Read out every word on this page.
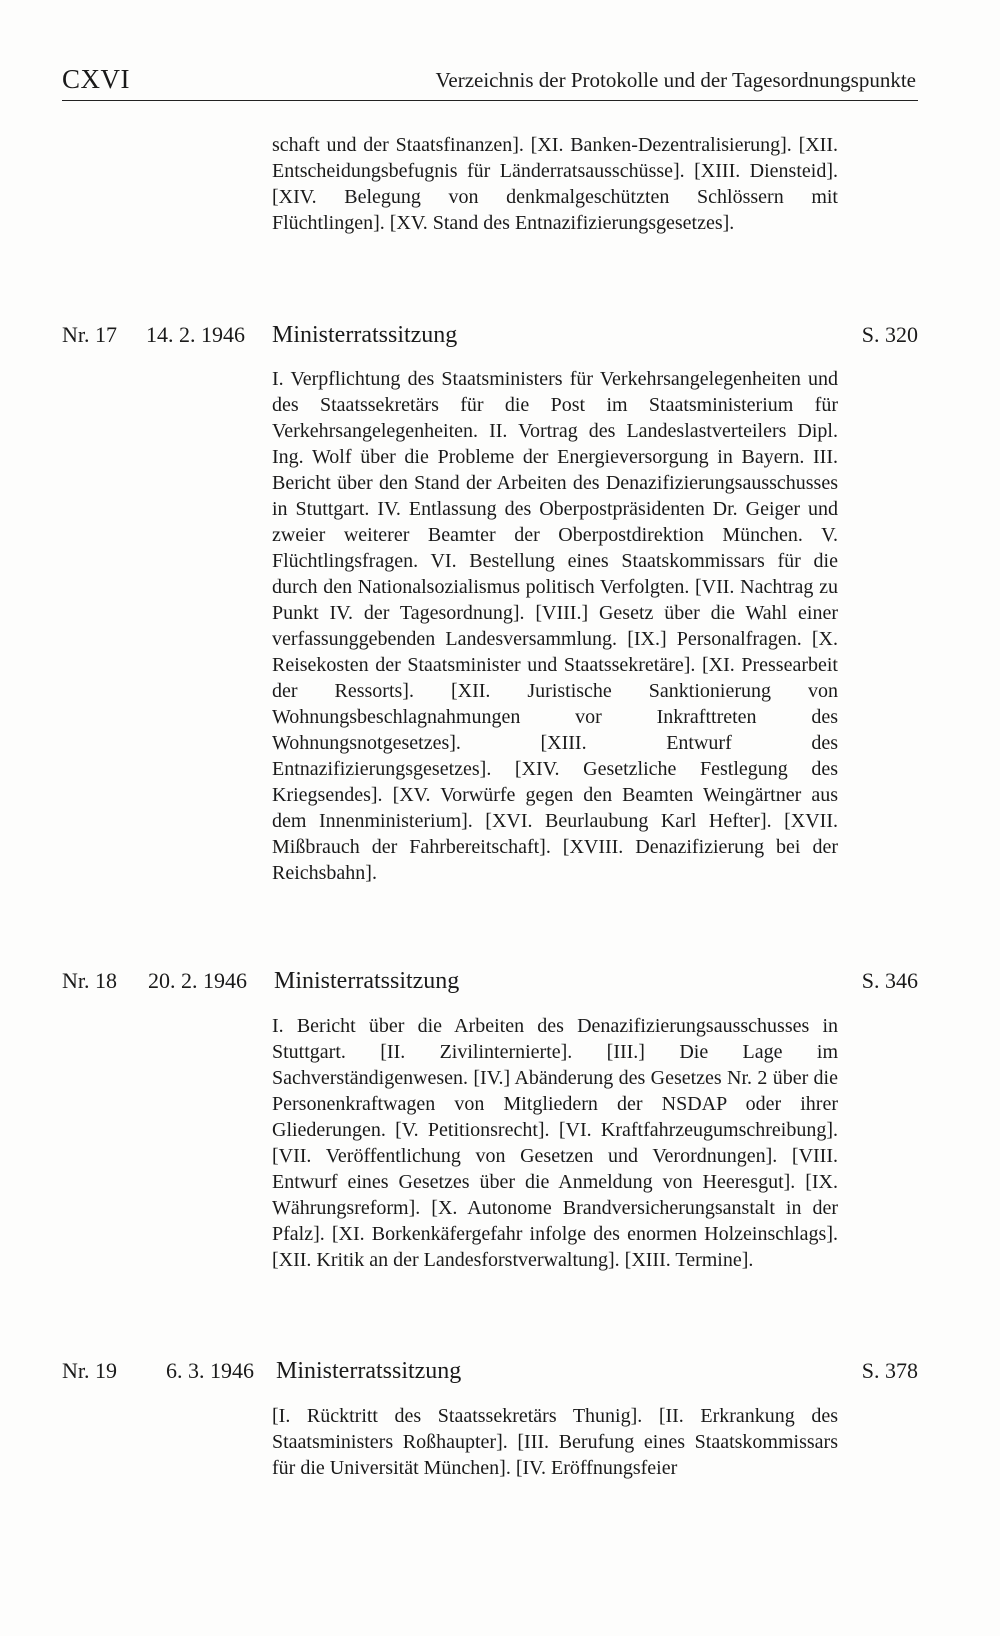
CXVI	Verzeichnis der Protokolle und der Tagesordnungspunkte
schaft und der Staatsfinanzen]. [XI. Banken-Dezentralisierung]. [XII. Entscheidungsbefugnis für Länderratsausschüsse]. [XIII. Diensteid]. [XIV. Belegung von denkmalgeschützten Schlössern mit Flüchtlingen]. [XV. Stand des Entnazifizierungsgesetzes].
Nr. 17 14. 2. 1946 Ministerratssitzung	S. 320
I. Verpflichtung des Staatsministers für Verkehrsangelegenheiten und des Staatssekretärs für die Post im Staatsministerium für Verkehrsangelegenheiten. II. Vortrag des Landeslastverteilers Dipl. Ing. Wolf über die Probleme der Energieversorgung in Bayern. III. Bericht über den Stand der Arbeiten des Denazifizierungsausschusses in Stuttgart. IV. Entlassung des Oberpostpräsidenten Dr. Geiger und zweier weiterer Beamter der Oberpostdirektion München. V. Flüchtlingsfragen. VI. Bestellung eines Staatskommissars für die durch den Nationalsozialismus politisch Verfolgten. [VII. Nachtrag zu Punkt IV. der Tagesordnung]. [VIII.] Gesetz über die Wahl einer verfassunggebenden Landesversammlung. [IX.] Personalfragen. [X. Reisekosten der Staatsminister und Staatssekretäre]. [XI. Pressearbeit der Ressorts]. [XII. Juristische Sanktionierung von Wohnungsbeschlagnahmungen vor Inkrafttreten des Wohnungsnotgesetzes]. [XIII. Entwurf des Entnazifizierungsgesetzes]. [XIV. Gesetzliche Festlegung des Kriegsendes]. [XV. Vorwürfe gegen den Beamten Weingärtner aus dem Innenministerium]. [XVI. Beurlaubung Karl Hefter]. [XVII. Mißbrauch der Fahrbereitschaft]. [XVIII. Denazifizierung bei der Reichsbahn].
Nr. 18 20. 2. 1946 Ministerratssitzung	S. 346
I. Bericht über die Arbeiten des Denazifizierungsausschusses in Stuttgart. [II. Zivilinternierte]. [III.] Die Lage im Sachverständigenwesen. [IV.] Abänderung des Gesetzes Nr. 2 über die Personenkraftwagen von Mitgliedern der NSDAP oder ihrer Gliederungen. [V. Petitionsrecht]. [VI. Kraftfahrzeugumschreibung]. [VII. Veröffentlichung von Gesetzen und Verordnungen]. [VIII. Entwurf eines Gesetzes über die Anmeldung von Heeresgut]. [IX. Währungsreform]. [X. Autonome Brandversicherungsanstalt in der Pfalz]. [XI. Borkenkäfergefahr infolge des enormen Holzeinschlags]. [XII. Kritik an der Landesforstverwaltung]. [XIII. Termine].
Nr. 19 6. 3. 1946 Ministerratssitzung	S. 378
[I. Rücktritt des Staatssekretärs Thunig]. [II. Erkrankung des Staatsministers Roßhaupter]. [III. Berufung eines Staatskommissars für die Universität München]. [IV. Eröffnungsfeier
